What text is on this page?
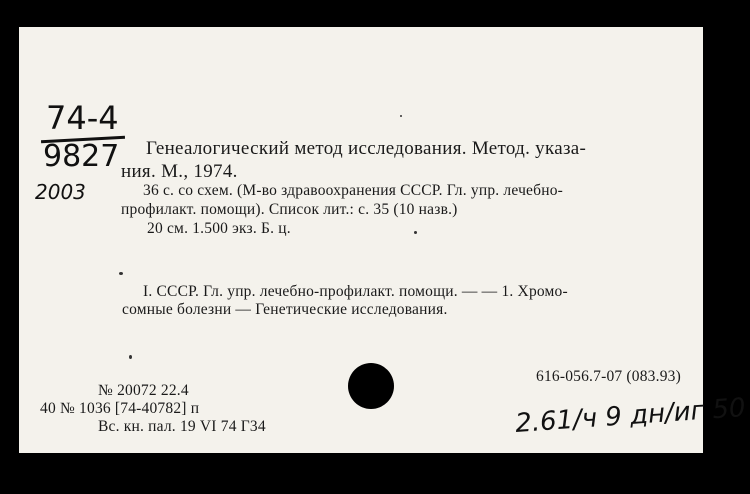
74-4
9827
2003
Генеалогический метод исследования. Метод. указа-
ния. М., 1974.
36 с. со схем. (М-во здравоохранения СССР. Гл. упр. лечебно-
профилакт. помощи). Список лит.: с. 35 (10 назв.)
20 см. 1.500 экз. Б. ц.
I. СССР. Гл. упр. лечебно-профилакт. помощи. — — 1. Хромо-
сомные болезни — Генетические исследования.
№ 20072 22.4
40 № 1036 [74-40782] п
Вс. кн. пал. 19 VI 74 Г34
616-056.7-07 (083.93)
2.61/ч 9 дн/иг 50
